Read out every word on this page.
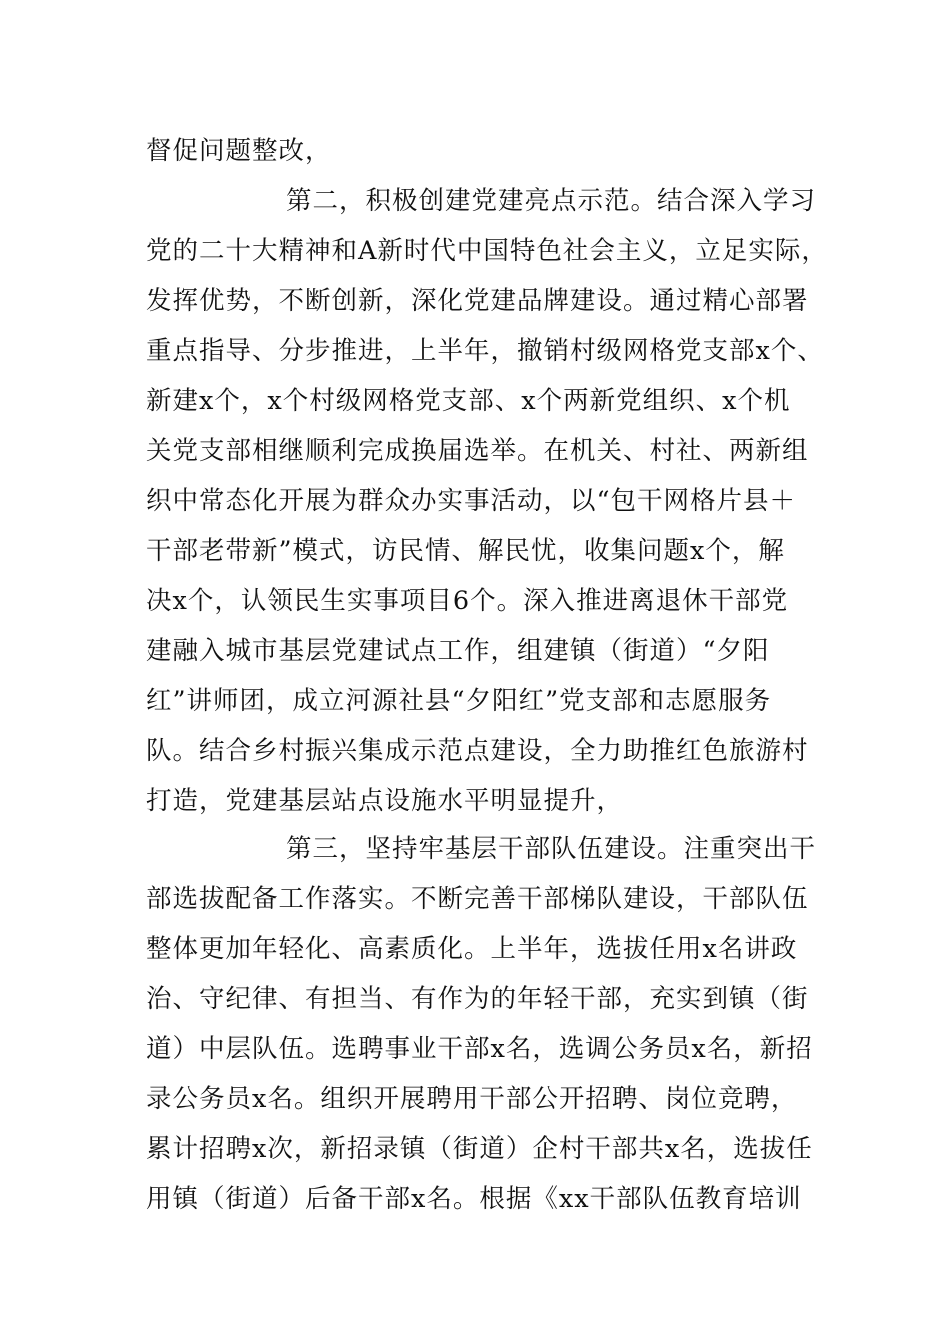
督促问题整改，
第二，积极创建党建亮点示范。结合深入学习
党的二十大精神和A新时代中国特色社会主义，立足实际，
发挥优势，不断创新，深化党建品牌建设。通过精心部署
重点指导、分步推进，上半年，撤销村级网格党支部x个、
新建x个，x个村级网格党支部、x个两新党组织、x个机
关党支部相继顺利完成换届选举。在机关、村社、两新组
织中常态化开展为群众办实事活动，以“包干网格片县＋
干部老带新”模式，访民情、解民忧，收集问题x个，解
决x个，认领民生实事项目6个。深入推进离退休干部党
建融入城市基层党建试点工作，组建镇（街道）“夕阳
红”讲师团，成立河源社县“夕阳红”党支部和志愿服务
队。结合乡村振兴集成示范点建设，全力助推红色旅游村
打造，党建基层站点设施水平明显提升，
第三，坚持牢基层干部队伍建设。注重突出干
部选拔配备工作落实。不断完善干部梯队建设，干部队伍
整体更加年轻化、高素质化。上半年，选拔任用x名讲政
治、守纪律、有担当、有作为的年轻干部，充实到镇（街
道）中层队伍。选聘事业干部x名，选调公务员x名，新招
录公务员x名。组织开展聘用干部公开招聘、岗位竞聘，
累计招聘x次，新招录镇（街道）企村干部共x名，选拔任
用镇（街道）后备干部x名。根据《xx干部队伍教育培训
